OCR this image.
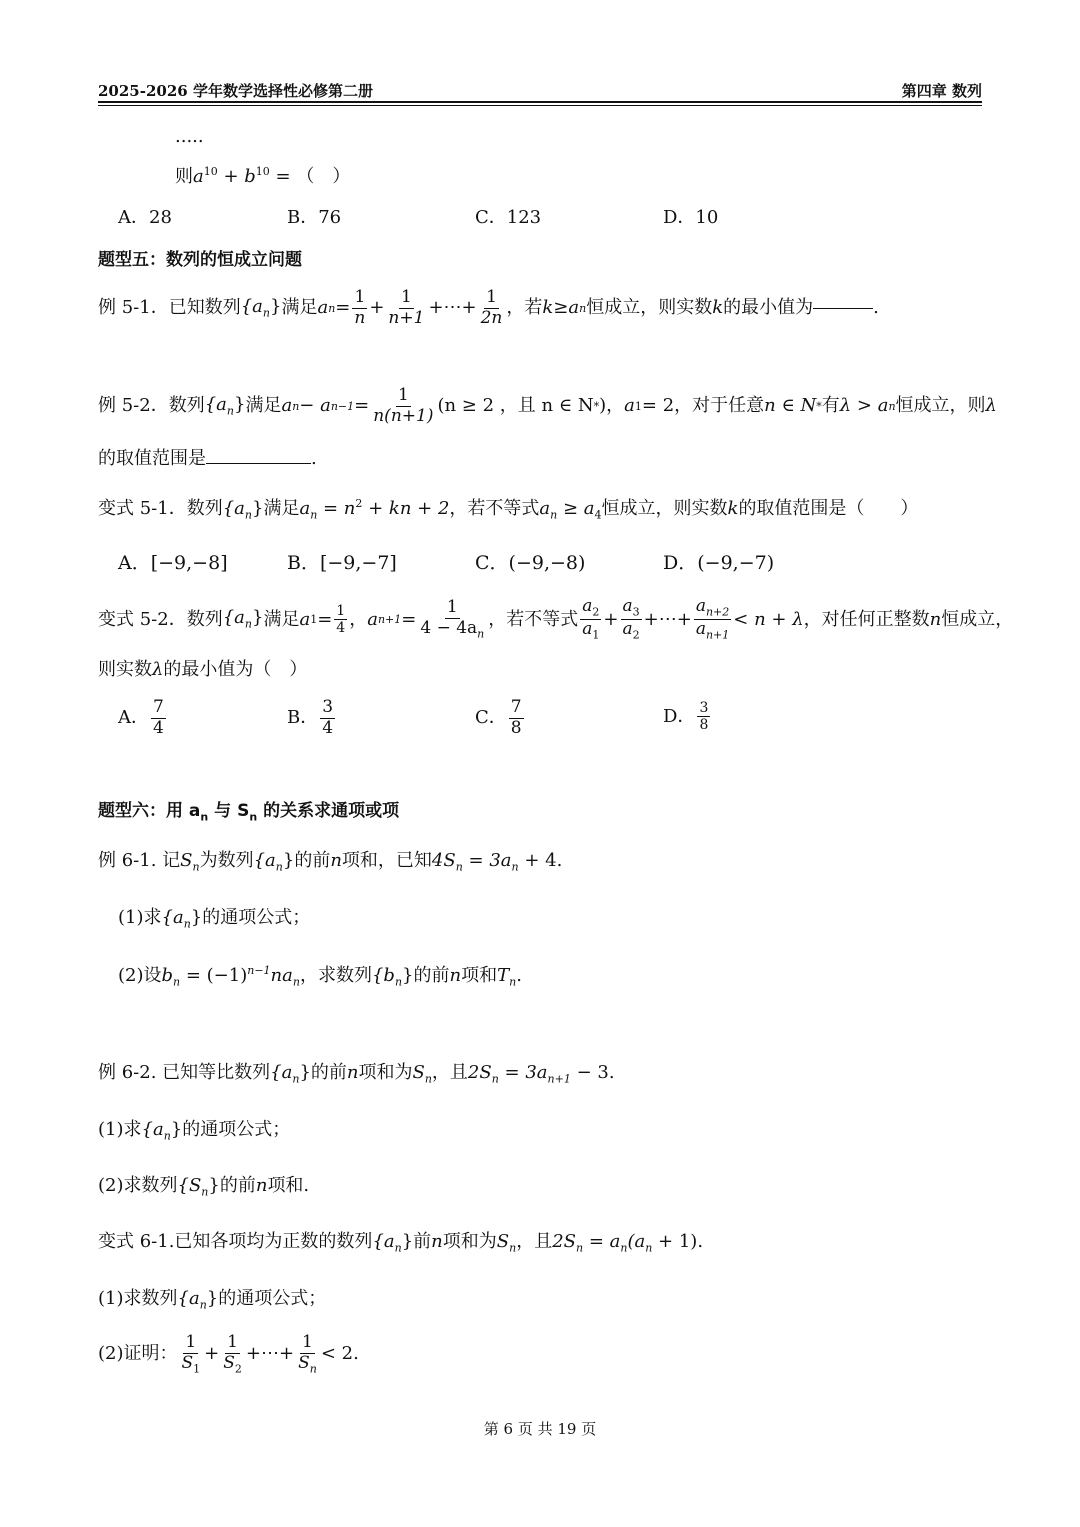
2025-2026 学年数学选择性必修第二册	第四章 数列
.....
则$a^{10} + b^{10}$ = （　）
A．28	B．76	C．123	D．10
题型五：数列的恒成立问题
例 5-1．已知数列 $\{a_n\}$ 满足 a $n = \frac{1}{n} + \frac{1}{n+1}$ +⋯+ $\frac{1}{2n}$ ，若 k ≥ a n 恒成立，则实数 k 的最小值为	.
例 5-2．数列 $\{a_n\}$ 满足 a n − a $n-1 = \frac{1}{n(n+1)} (n \ge 2$ ，且 n ∈ N * )， a 1 = 2，对于任意 n ∈ N * 有 λ > a n 恒成立，则 λ
的取值范围是	.
变式 5-1．数列$\{a_n\}$满足$a_n = n^2$ + kn + 2，若不等式$a_n \ge a_4$恒成立，则实数k的取值范围是（　　）
A．[−9,−8]	B．[−9,−7]	C．(−9,−8)	D．(−9,−7)
变式 5-2．数列 $\{a_n\}$ 满足 a $1 = \frac{1}{4}$ ， a $n+1 = \frac{1}{4 - 4a_n}$ ，若不等式
$a_2$
$a_1$
+ $\frac{a_3}{a_2}$ +⋯+ $\frac{a_{n+2}}{a_{n+1}} < n + \lambda$ ，对任何正整数 n 恒成立，
则实数λ的最小值为（　）
A．
7
4	B．
3
4	C．
7
8
D． 3
8
题型六：用 $a_n$ 与 $S_n$ 的关系求通项或项
例 6-1. 记$S_n$为数列$\{a_n\}$的前n项和，已知$4S_n = 3a_n + 4$.
(1)求$\{a_n\}$的通项公式；
(2)设$b_n = (-1)^{n-1}na_n$，求数列$\{b_n\}$的前n项和$T_n$.
例 6-2. 已知等比数列$\{a_n\}$的前n项和为$S_n$，且$2S_n = 3a_{n+1} - 3$.
(1)求$\{a_n\}$的通项公式；
(2)求数列$\{S_n\}$的前n项和.
变式 6-1.已知各项均为正数的数列$\{a_n\}$前n项和为$S_n$，且$2S_n = a_n(a_n + 1)$.
(1)求数列$\{a_n\}$的通项公式；
(2)证明：
1
$S_1$
+ $\frac{1}{S_2}$ +⋯+ $\frac{1}{S_n} < 2$ .
第 6 页 共 19 页
